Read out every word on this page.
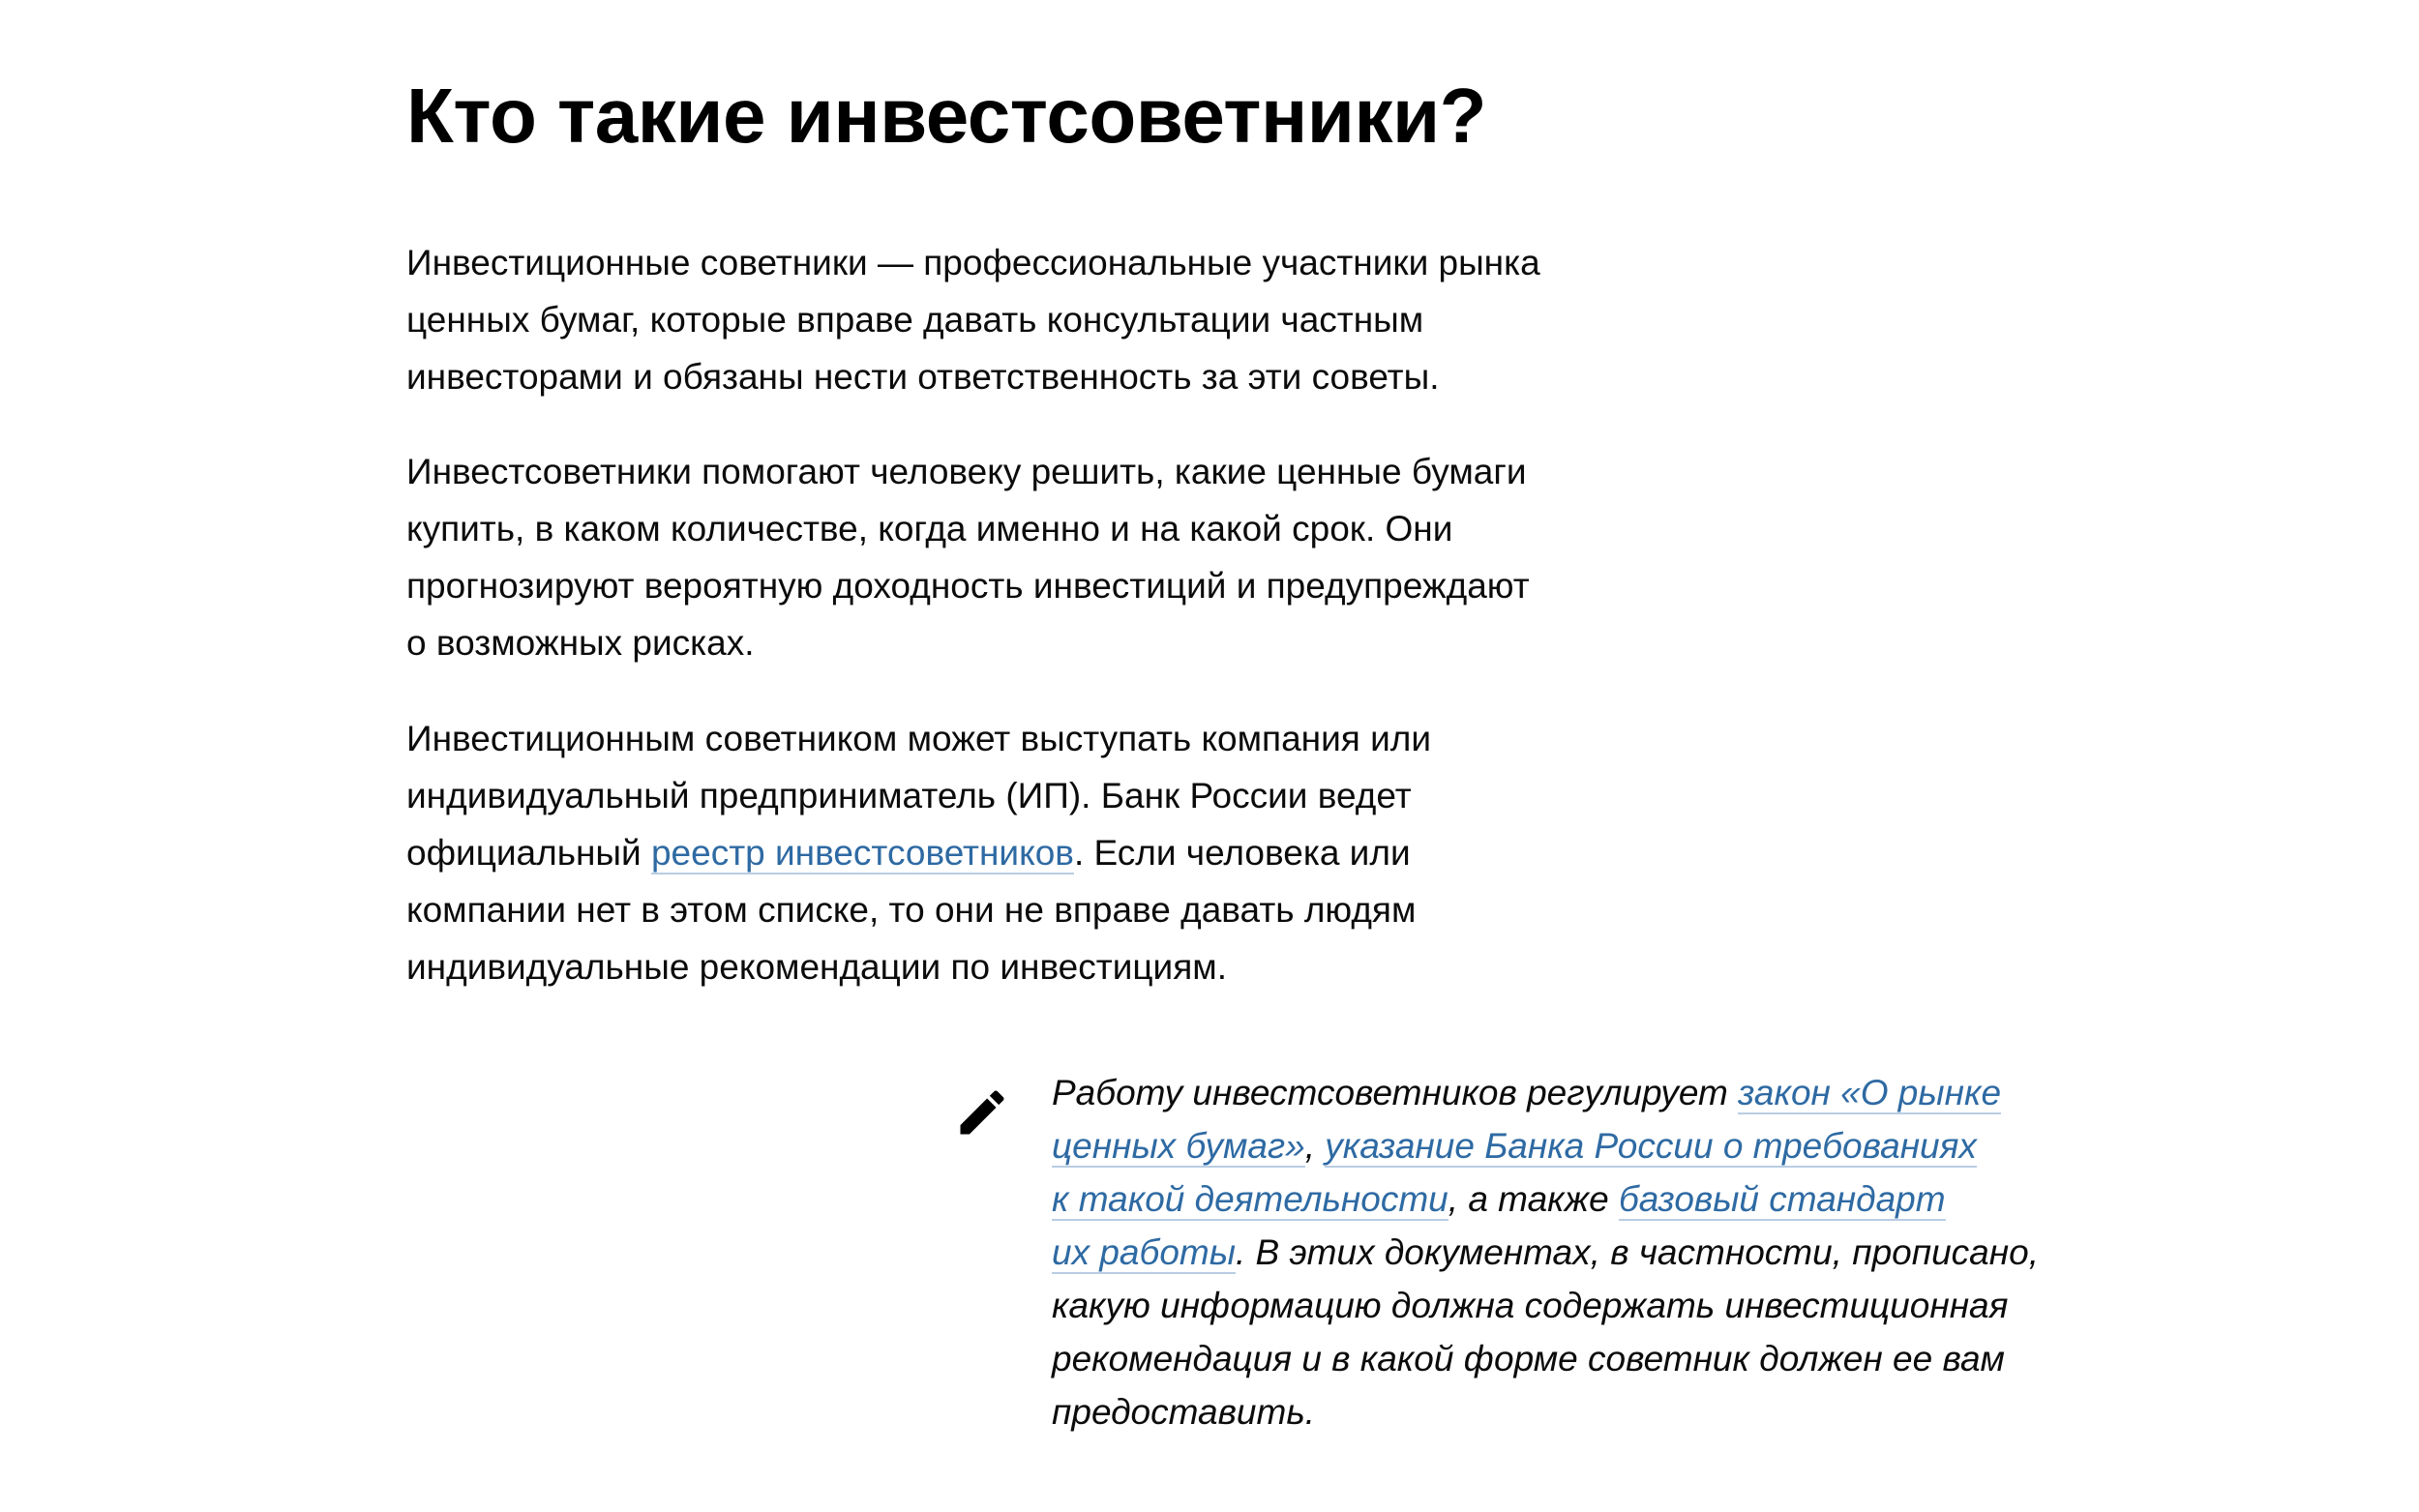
Кто такие инвестсоветники?

Инвестиционные советники — профессиональные участники рынка
ценных бумаг, которые вправе давать консультации частным
инвесторами и обязаны нести ответственность за эти советы.

Инвестсоветники помогают человеку решить, какие ценные бумаги
купить, в каком количестве, когда именно и на какой срок. Они
прогнозируют вероятную доходность инвестиций и предупреждают
о возможных рисках.

Инвестиционным советником может выступать компания или
индивидуальный предприниматель (ИП). Банк России ведет
официальный реестр инвестсоветников. Если человека или
компании нет в этом списке, то они не вправе давать людям
индивидуальные рекомендации по инвестициям.

Работу инвестсоветников регулирует закон «О рынке
ценных бумаг», указание Банка России о требованиях
к такой деятельности, а также базовый стандарт
их работы. В этих документах, в частности, прописано,
какую информацию должна содержать инвестиционная
рекомендация и в какой форме советник должен ее вам
предоставить.
